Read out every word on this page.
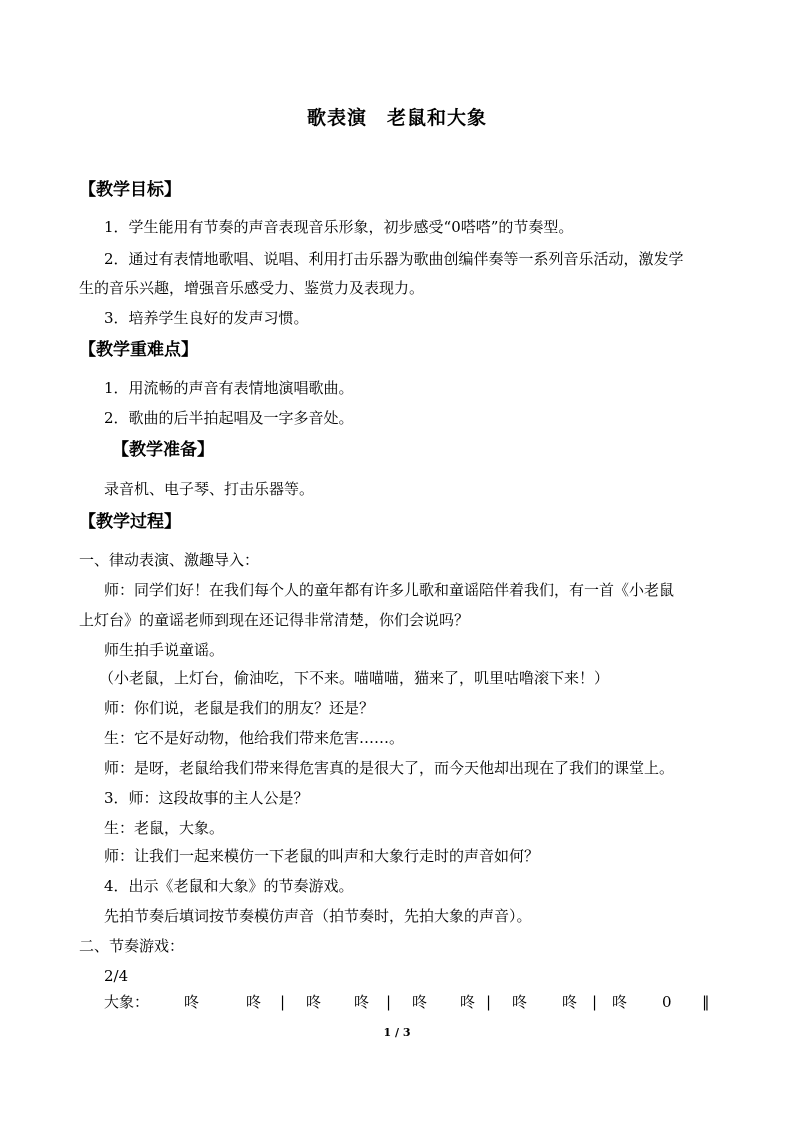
歌表演　老鼠和大象
【教学目标】
1．学生能用有节奏的声音表现音乐形象，初步感受“0嗒嗒”的节奏型。
2．通过有表情地歌唱、说唱、利用打击乐器为歌曲创编伴奏等一系列音乐活动，激发学
生的音乐兴趣，增强音乐感受力、鉴赏力及表现力。
3．培养学生良好的发声习惯。
【教学重难点】
1．用流畅的声音有表情地演唱歌曲。
2．歌曲的后半拍起唱及一字多音处。
【教学准备】
录音机、电子琴、打击乐器等。
【教学过程】
一、律动表演、激趣导入：
师：同学们好！在我们每个人的童年都有许多儿歌和童谣陪伴着我们，有一首《小老鼠
上灯台》的童谣老师到现在还记得非常清楚，你们会说吗？
师生拍手说童谣。
（小老鼠，上灯台，偷油吃，下不来。喵喵喵，猫来了，叽里咕噜滚下来！）
师：你们说，老鼠是我们的朋友？还是？
生：它不是好动物，他给我们带来危害……。
师：是呀，老鼠给我们带来得危害真的是很大了，而今天他却出现在了我们的课堂上。
3．师：这段故事的主人公是？
生：老鼠，大象。
师：让我们一起来模仿一下老鼠的叫声和大象行走时的声音如何？
4．出示《老鼠和大象》的节奏游戏。
先拍节奏后填词按节奏模仿声音（拍节奏时，先拍大象的声音）。
二、节奏游戏：
2/4
大象： 咚	咚 | 咚 咚 | 咚 咚 | 咚 咚 | 咚 0 ‖
1 / 3
